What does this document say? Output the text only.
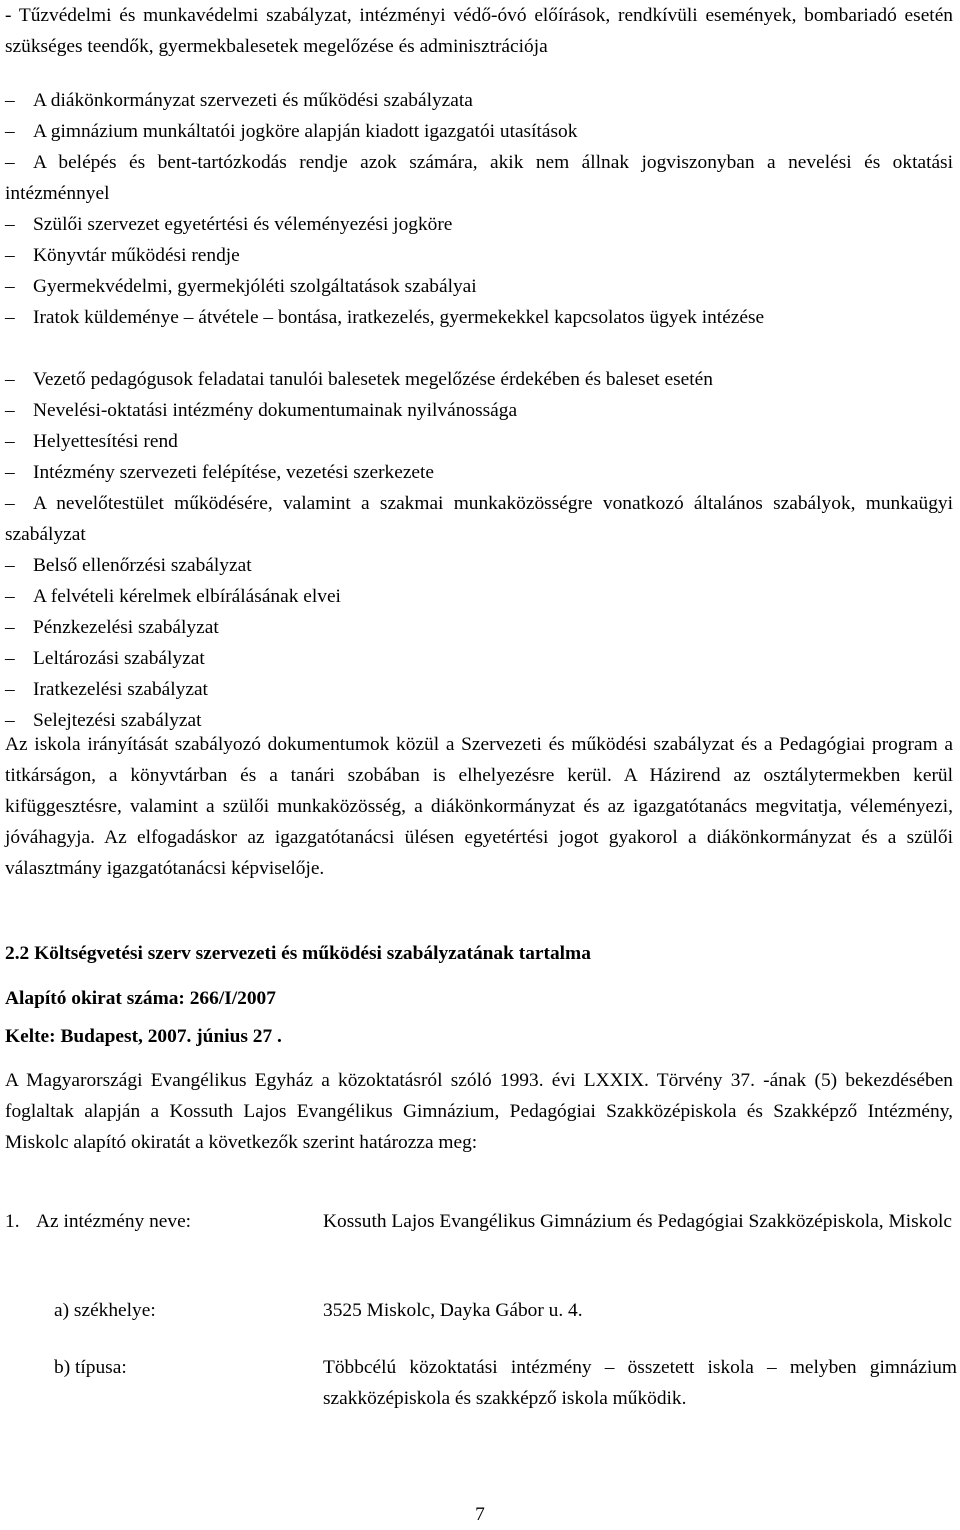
- Tűzvédelmi és munkavédelmi szabályzat, intézményi védő-óvó előírások, rendkívüli események, bombariadó esetén szükséges teendők, gyermekbalesetek megelőzése és adminisztrációja

– A diákönkormányzat szervezeti és működési szabályzata

– A gimnázium munkáltatói jogköre alapján kiadott igazgatói utasítások

– A belépés és bent-tartózkodás rendje azok számára, akik nem állnak jogviszonyban a nevelési és oktatási intézménnyel

– Szülői szervezet egyetértési és véleményezési jogköre

– Könyvtár működési rendje

– Gyermekvédelmi, gyermekjóléti szolgáltatások szabályai

– Iratok küldeménye – átvétele – bontása, iratkezelés, gyermekekkel kapcsolatos ügyek intézése

– Vezető pedagógusok feladatai tanulói balesetek megelőzése érdekében és baleset esetén

– Nevelési-oktatási intézmény dokumentumainak nyilvánossága

– Helyettesítési rend

– Intézmény szervezeti felépítése, vezetési szerkezete

– A nevelőtestület működésére, valamint a szakmai munkaközösségre vonatkozó általános szabályok, munkaügyi szabályzat

– Belső ellenőrzési szabályzat

– A felvételi kérelmek elbírálásának elvei

– Pénzkezelési szabályzat

– Leltározási szabályzat

– Iratkezelési szabályzat

– Selejtezési szabályzat

Az iskola irányítását szabályozó dokumentumok közül a Szervezeti és működési szabályzat és a Pedagógiai program a titkárságon, a könyvtárban és a tanári szobában is elhelyezésre kerül. A Házirend az osztálytermekben kerül kifüggesztésre, valamint a szülői munkaközösség, a diákönkormányzat és az igazgatótanács megvitatja, véleményezi, jóváhagyja. Az elfogadáskor az igazgatótanácsi ülésen egyetértési jogot gyakorol a diákönkormányzat és a szülői választmány igazgatótanácsi képviselője.

2.2 Költségvetési szerv szervezeti és működési szabályzatának tartalma

Alapító okirat száma: 266/I/2007

Kelte: Budapest, 2007. június 27 .

A Magyarországi Evangélikus Egyház a közoktatásról szóló 1993. évi LXXIX. Törvény 37. -ának (5) bekezdésében foglaltak alapján a Kossuth Lajos Evangélikus Gimnázium, Pedagógiai Szakközépiskola és Szakképző Intézmény, Miskolc alapító okiratát a következők szerint határozza meg:

1. Az intézmény neve:	Kossuth Lajos Evangélikus Gimnázium és Pedagógiai Szakközépiskola, Miskolc
a) székhelye:	3525 Miskolc, Dayka Gábor u. 4.
b) típusa:	Többcélú közoktatási intézmény – összetett iskola – melyben gimnázium szakközépiskola és szakképző iskola működik.
7
